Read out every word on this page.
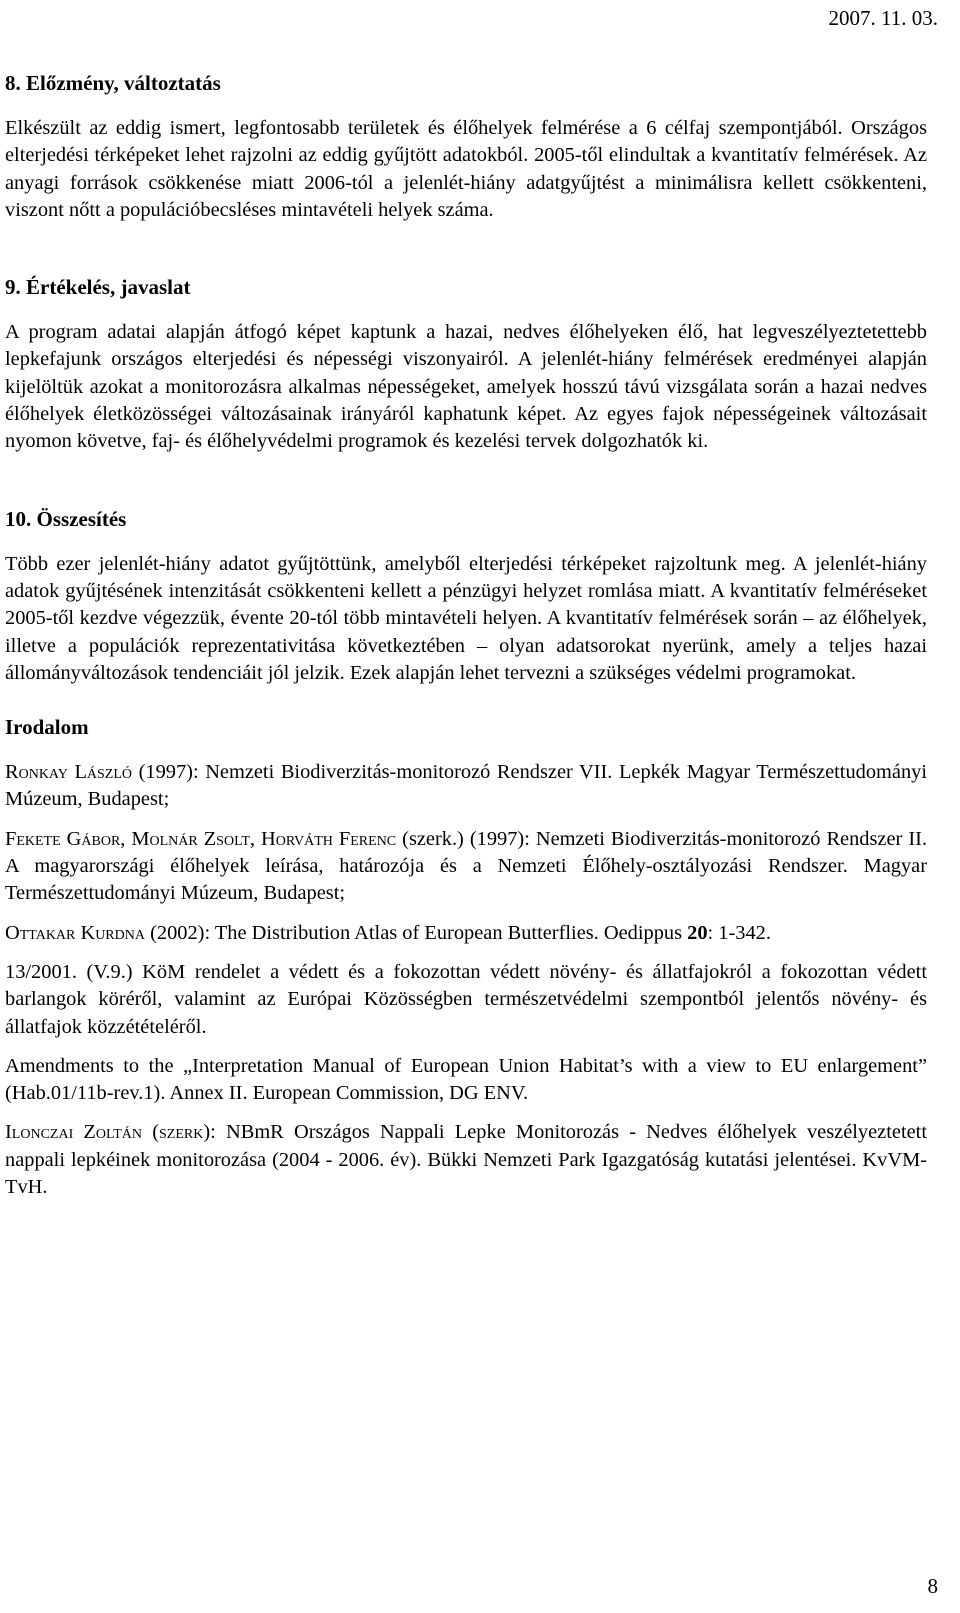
2007. 11. 03.
8. Előzmény, változtatás

Elkészült az eddig ismert, legfontosabb területek és élőhelyek felmérése a 6 célfaj szempontjából. Országos elterjedési térképeket lehet rajzolni az eddig gyűjtött adatokból. 2005-től elindultak a kvantitatív felmérések. Az anyagi források csökkenése miatt 2006-tól a jelenlét-hiány adatgyűjtést a minimálisra kellett csökkenteni, viszont nőtt a populációbecsléses mintavételi helyek száma.

9. Értékelés, javaslat

A program adatai alapján átfogó képet kaptunk a hazai, nedves élőhelyeken élő, hat legveszélyeztetettebb lepkefajunk országos elterjedési és népességi viszonyairól. A jelenlét-hiány felmérések eredményei alapján kijelöltük azokat a monitorozásra alkalmas népességeket, amelyek hosszú távú vizsgálata során a hazai nedves élőhelyek életközösségei változásainak irányáról kaphatunk képet. Az egyes fajok népességeinek változásait nyomon követve, faj- és élőhelyvédelmi programok és kezelési tervek dolgozhatók ki.

10. Összesítés

Több ezer jelenlét-hiány adatot gyűjtöttünk, amelyből elterjedési térképeket rajzoltunk meg. A jelenlét-hiány adatok gyűjtésének intenzitását csökkenteni kellett a pénzügyi helyzet romlása miatt. A kvantitatív felméréseket 2005-től kezdve végezzük, évente 20-tól több mintavételi helyen. A kvantitatív felmérések során – az élőhelyek, illetve a populációk reprezentativitása következtében – olyan adatsorokat nyerünk, amely a teljes hazai állományváltozások tendenciáit jól jelzik. Ezek alapján lehet tervezni a szükséges védelmi programokat.

Irodalom

Ronkay László (1997): Nemzeti Biodiverzitás-monitorozó Rendszer VII. Lepkék Magyar Természettudományi Múzeum, Budapest;

Fekete Gábor, Molnár Zsolt, Horváth Ferenc (szerk.) (1997): Nemzeti Biodiverzitás-monitorozó Rendszer II. A magyarországi élőhelyek leírása, határozója és a Nemzeti Élőhely-osztályozási Rendszer. Magyar Természettudományi Múzeum, Budapest;

Ottakar Kurdna (2002): The Distribution Atlas of European Butterflies. Oedippus 20: 1-342.

13/2001. (V.9.) KöM rendelet a védett és a fokozottan védett növény- és állatfajokról a fokozottan védett barlangok köréről, valamint az Európai Közösségben természetvédelmi szempontból jelentős növény- és állatfajok közzétételéről.

Amendments to the „Interpretation Manual of European Union Habitat’s with a view to EU enlargement” (Hab.01/11b-rev.1). Annex II. European Commission, DG ENV.

Ilonczai Zoltán (szerk): NBmR Országos Nappali Lepke Monitorozás - Nedves élőhelyek veszélyeztetett nappali lepkéinek monitorozása (2004 - 2006. év). Bükki Nemzeti Park Igazgatóság kutatási jelentései. KvVM-TvH.

8
